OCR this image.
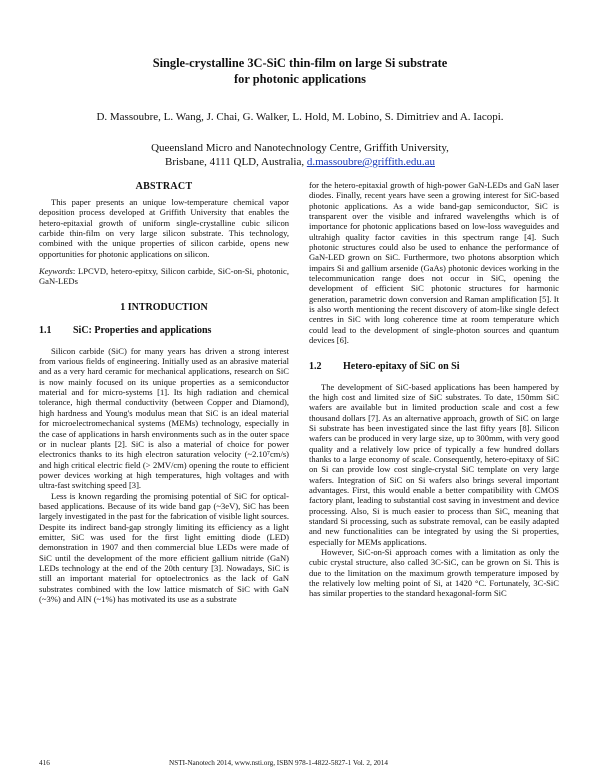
Single-crystalline 3C-SiC thin-film on large Si substrate
for photonic applications
D. Massoubre, L. Wang, J. Chai, G. Walker, L. Hold, M. Lobino, S. Dimitriev and A. Iacopi.
Queensland Micro and Nanotechnology Centre, Griffith University,
Brisbane, 4111 QLD, Australia, d.massoubre@griffith.edu.au
ABSTRACT

This paper presents an unique low-temperature chemical vapor deposition process developed at Griffith University that enables the hetero-epitaxial growth of uniform single-crystalline cubic silicon carbide thin-film on very large silicon substrate. This technology, combined with the unique properties of silicon carbide, opens new opportunities for photonic applications on silicon.

Keywords: LPCVD, hetero-epitxy, Silicon carbide, SiC-on-Si, photonic, GaN-LEDs

1 INTRODUCTION
1.1	SiC: Properties and applications

Silicon carbide (SiC) for many years has driven a strong interest from various fields of engineering. Initially used as an abrasive material and as a very hard ceramic for mechanical applications, research on SiC is now mainly focused on its unique properties as a semiconductor material and for micro-systems [1]. Its high radiation and chemical tolerance, high thermal conductivity (between Copper and Diamond), high hardness and Young's modulus mean that SiC is an ideal material for microelectromechanical systems (MEMs) technology, especially in the case of applications in harsh environments such as in the outer space or in nuclear plants [2]. SiC is also a material of choice for power electronics thanks to its high electron saturation velocity (~2.10⁷cm/s) and high critical electric field (> 2MV/cm) opening the route to efficient power devices working at high temperatures, high voltages and with ultra-fast switching speed [3].

Less is known regarding the promising potential of SiC for optical-based applications. Because of its wide band gap (~3eV), SiC has been largely investigated in the past for the fabrication of visible light sources. Despite its indirect band-gap strongly limiting its efficiency as a light emitter, SiC was used for the first light emitting diode (LED) demonstration in 1907 and then commercial blue LEDs were made of SiC until the development of the more efficient gallium nitride (GaN) LEDs technology at the end of the 20th century [3]. Nowadays, SiC is still an important material for optoelectronics as the lack of GaN substrates combined with the low lattice mismatch of SiC with GaN (~3%) and AlN (~1%) has motivated its use as a substrate

for the hetero-epitaxial growth of high-power GaN-LEDs and GaN laser diodes. Finally, recent years have seen a growing interest for SiC-based photonic applications. As a wide band-gap semiconductor, SiC is transparent over the visible and infrared wavelengths which is of importance for photonic applications based on low-loss waveguides and ultrahigh quality factor cavities in this spectrum range [4]. Such photonic structures could also be used to enhance the performance of GaN-LED grown on SiC. Furthermore, two photons absorption which impairs Si and gallium arsenide (GaAs) photonic devices working in the telecommunication range does not occur in SiC, opening the development of efficient SiC photonic structures for harmonic generation, parametric down conversion and Raman amplification [5]. It is also worth mentioning the recent discovery of atom-like single defect centres in SiC with long coherence time at room temperature which could lead to the development of single-photon sources and quantum devices [6].

1.2	Hetero-epitaxy of SiC on Si

The development of SiC-based applications has been hampered by the high cost and limited size of SiC substrates. To date, 150mm SiC wafers are available but in limited production scale and cost a few thousand dollars [7]. As an alternative approach, growth of SiC on large Si substrate has been investigated since the last fifty years [8]. Silicon wafers can be produced in very large size, up to 300mm, with very good quality and a relatively low price of typically a few hundred dollars thanks to a large economy of scale. Consequently, hetero-epitaxy of SiC on Si can provide low cost single-crystal SiC template on very large wafers. Integration of SiC on Si wafers also brings several important advantages. First, this would enable a better compatibility with CMOS factory plant, leading to substantial cost saving in investment and device processing. Also, Si is much easier to process than SiC, meaning that standard Si processing, such as substrate removal, can be easily adapted and new functionalities can be integrated by using the Si properties, especially for MEMs applications.

However, SiC-on-Si approach comes with a limitation as only the cubic crystal structure, also called 3C-SiC, can be grown on Si. This is due to the limitation on the maximum growth temperature imposed by the relatively low melting point of Si, at 1420 °C. Fortunately, 3C-SiC has similar properties to the standard hexagonal-form SiC

416	NSTI-Nanotech 2014, www.nsti.org, ISBN 978-1-4822-5827-1 Vol. 2, 2014
